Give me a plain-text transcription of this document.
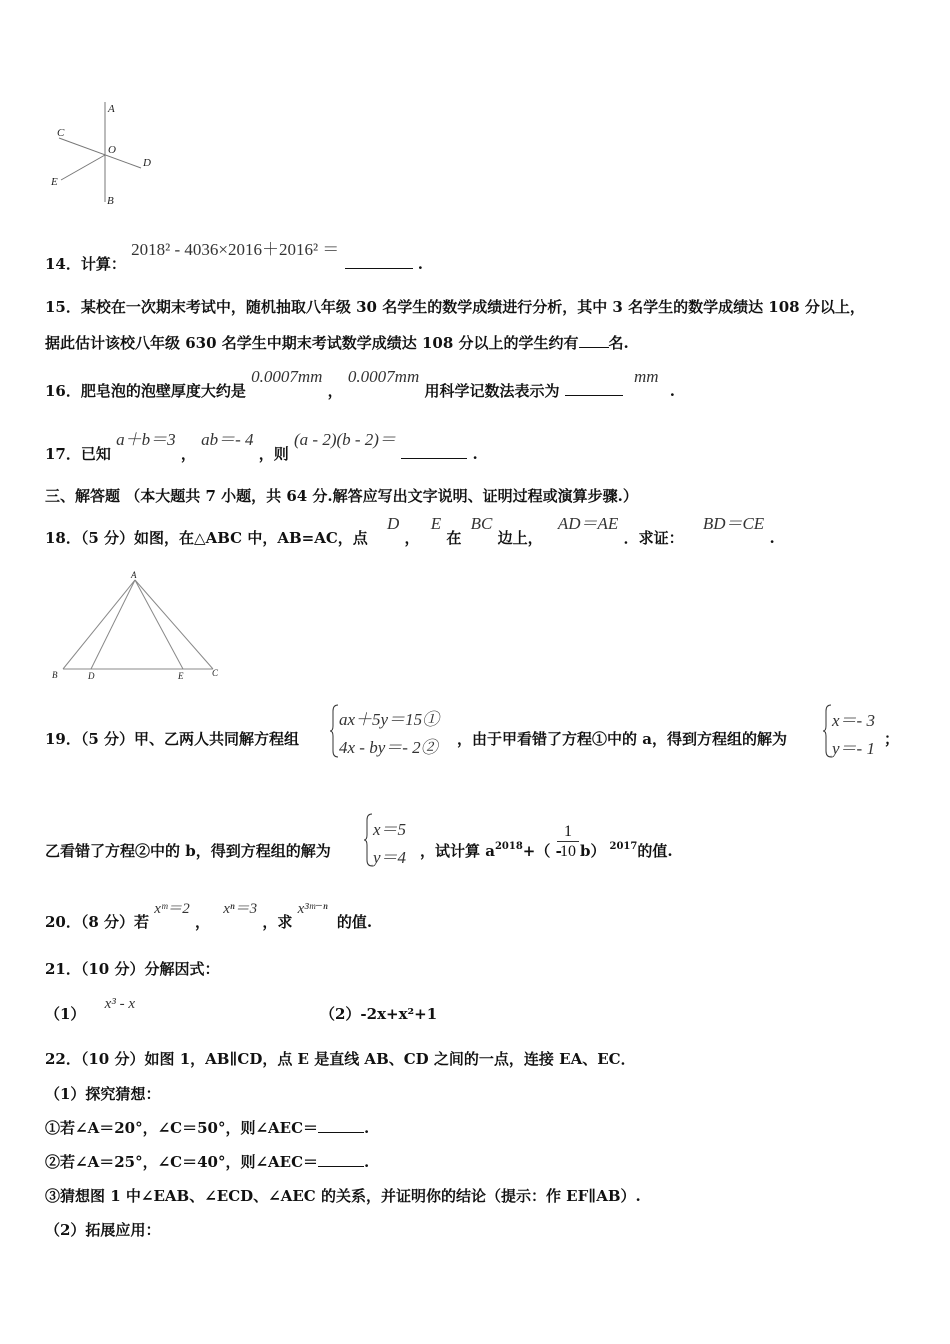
A
C
O
D
E
B
14．计算： 2018² - 4036×2016＋2016² ＝  .
15．某校在一次期末考试中，随机抽取八年级 30 名学生的数学成绩进行分析，其中 3 名学生的数学成绩达 108 分以上，
据此估计该校八年级 630 名学生中期末考试数学成绩达 108 分以上的学生约有 名.
16．肥皂泡的泡壁厚度大约是 0.0007mm ， 0.0007mm 用科学记数法表示为  mm .
17．已知 a＋b＝3 ， ab＝- 4 ，则 (a - 2)(b - 2)＝  .
三、解答题 （本大题共 7 小题，共 64 分.解答应写出文字说明、证明过程或演算步骤.）
18．（5 分）如图，在△ABC 中，AB=AC，点 D ， E 在 BC 边上， AD＝AE ．求证： BD＝CE .
A
B	D	E	C
19．（5 分）甲、乙两人共同解方程组
ax＋5y＝15①
4x - by＝- 2② ，由于甲看错了方程①中的 a，得到方程组的解为
x＝- 3
y＝- 1 ；
乙看错了方程②中的 b，得到方程组的解为
x＝5
y＝4 ，试计算 $a^{2018}+$（ -
1
10 b） $^{2017}$的值.
20．（8 分）若 xᵐ＝2 ， xⁿ＝3 ，求 x³ᵐ⁻ⁿ 的值.
21．（10 分）分解因式：
（1） x³ - x
（2）-2x+x²+1
22．（10 分）如图 1，AB∥CD，点 E 是直线 AB、CD 之间的一点，连接 EA、EC．
（1）探究猜想：
①若∠A＝20°，∠C＝50°，则∠AEC＝	.
②若∠A＝25°，∠C＝40°，则∠AEC＝	.
③猜想图 1 中∠EAB、∠ECD、∠AEC 的关系，并证明你的结论（提示：作 EF∥AB）.
（2）拓展应用：
